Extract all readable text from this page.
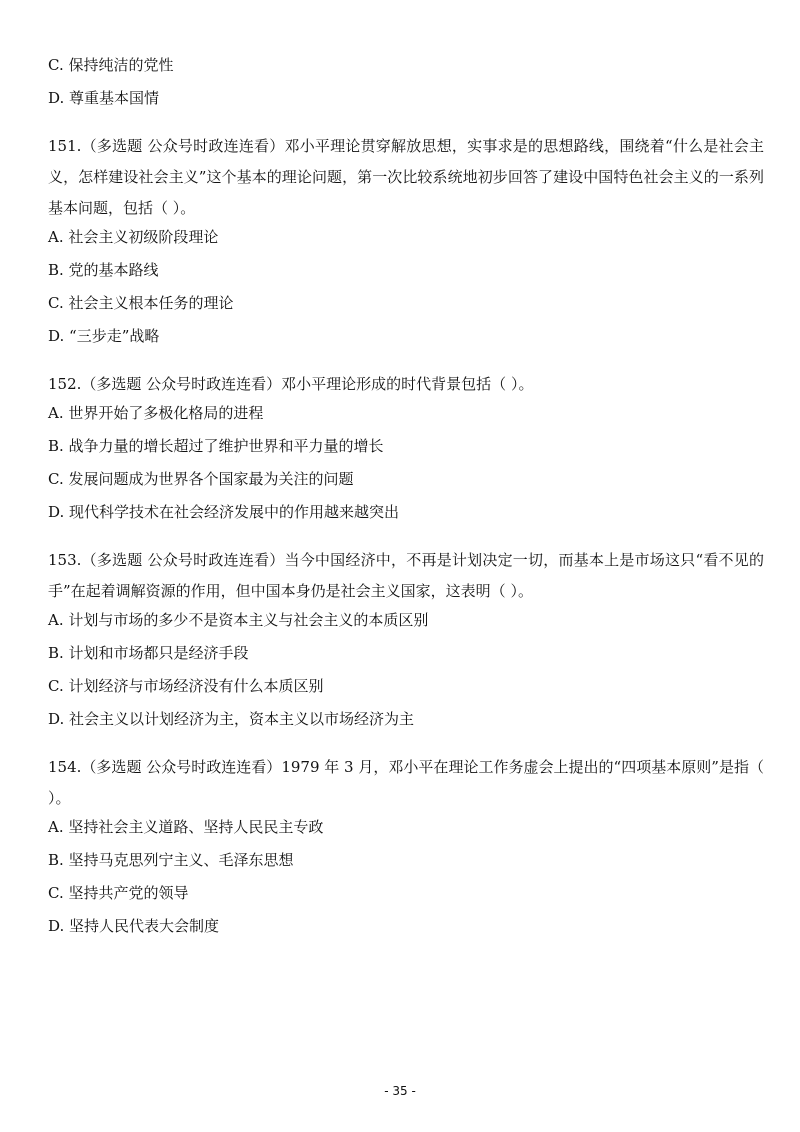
C. 保持纯洁的党性
D. 尊重基本国情
151.（多选题 公众号时政连连看）邓小平理论贯穿解放思想，实事求是的思想路线，围绕着“什么是社会主义，怎样建设社会主义”这个基本的理论问题，第一次比较系统地初步回答了建设中国特色社会主义的一系列基本问题，包括（ ）。
A. 社会主义初级阶段理论
B. 党的基本路线
C. 社会主义根本任务的理论
D. “三步走”战略
152.（多选题 公众号时政连连看）邓小平理论形成的时代背景包括（ ）。
A. 世界开始了多极化格局的进程
B. 战争力量的增长超过了维护世界和平力量的增长
C. 发展问题成为世界各个国家最为关注的问题
D. 现代科学技术在社会经济发展中的作用越来越突出
153.（多选题 公众号时政连连看）当今中国经济中，不再是计划决定一切，而基本上是市场这只“看不见的手”在起着调解资源的作用，但中国本身仍是社会主义国家，这表明（ ）。
A. 计划与市场的多少不是资本主义与社会主义的本质区别
B. 计划和市场都只是经济手段
C. 计划经济与市场经济没有什么本质区别
D. 社会主义以计划经济为主，资本主义以市场经济为主
154.（多选题 公众号时政连连看）1979 年 3 月，邓小平在理论工作务虚会上提出的“四项基本原则”是指（ ）。
A. 坚持社会主义道路、坚持人民民主专政
B. 坚持马克思列宁主义、毛泽东思想
C. 坚持共产党的领导
D. 坚持人民代表大会制度
- 35 -
